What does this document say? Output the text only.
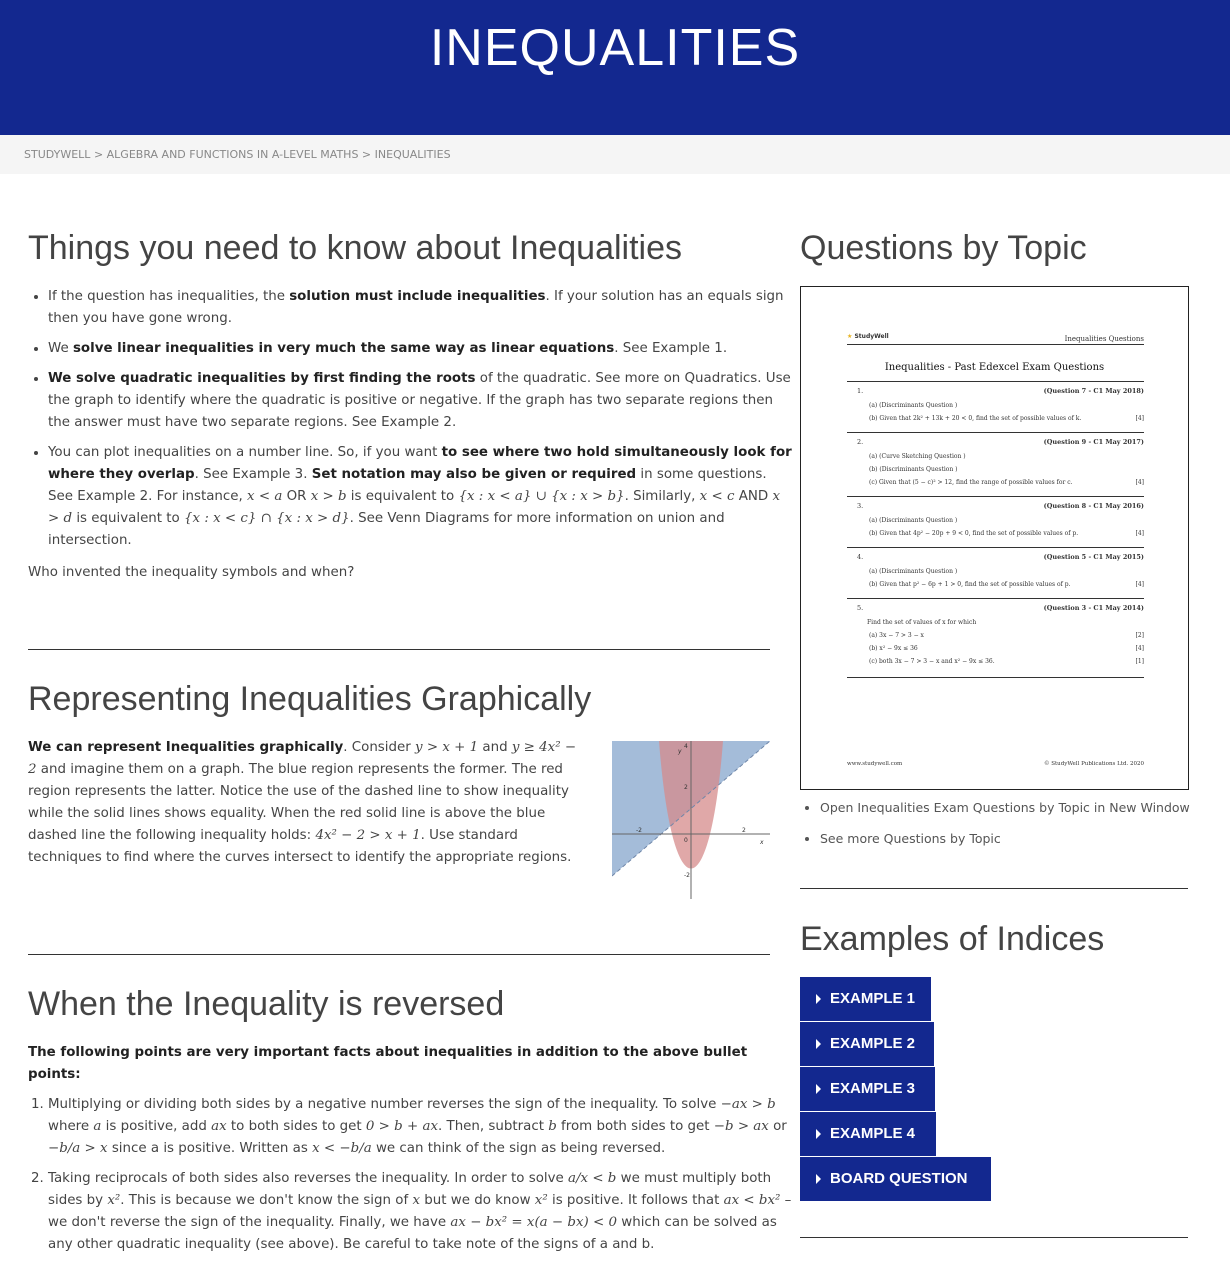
INEQUALITIES
STUDYWELL > ALGEBRA AND FUNCTIONS IN A-LEVEL MATHS > INEQUALITIES
Things you need to know about Inequalities
• If the question has inequalities, the solution must include inequalities. If your solution has an equals sign then you have gone wrong.
• We solve linear inequalities in very much the same way as linear equations. See Example 1.
• We solve quadratic inequalities by first finding the roots of the quadratic. See more on Quadratics. Use the graph to identify where the quadratic is positive or negative. If the graph has two separate regions then the answer must have two separate regions. See Example 2.
• You can plot inequalities on a number line. So, if you want to see where two hold simultaneously look for where they overlap. See Example 3. Set notation may also be given or required in some questions. See Example 2. For instance, x < a OR x > b is equivalent to {x : x < a} ∪ {x : x > b}. Similarly, x < c AND x > d is equivalent to {x : x < c} ∩ {x : x > d}. See Venn Diagrams for more information on union and intersection.
Who invented the inequality symbols and when?
Representing Inequalities Graphically
We can represent Inequalities graphically. Consider y > x + 1 and y ≥ 4x² − 2 and imagine them on a graph. The blue region represents the former. The red region represents the latter. Notice the use of the dashed line to show inequality while the solid lines shows equality. When the red solid line is above the blue dashed line the following inequality holds: 4x² − 2 > x + 1. Use standard techniques to find where the curves intersect to identify the appropriate regions.
-2	2
x
4
2
-2
y
0
When the Inequality is reversed
The following points are very important facts about inequalities in addition to the above bullet points:
1. Multiplying or dividing both sides by a negative number reverses the sign of the inequality. To solve −ax > b where a is positive, add ax to both sides to get 0 > b + ax. Then, subtract b from both sides to get −b > ax or −b/a > x since a is positive. Written as x < −b/a we can think of the sign as being reversed.
2. Taking reciprocals of both sides also reverses the inequality. In order to solve a/x < b we must multiply both sides by x². This is because we don't know the sign of x but we do know x² is positive. It follows that ax < bx² – we don't reverse the sign of the inequality. Finally, we have ax − bx² = x(a − bx) < 0 which can be solved as any other quadratic inequality (see above). Be careful to take note of the signs of a and b.
Questions by Topic
★ StudyWell	Inequalities Questions
Inequalities - Past Edexcel Exam Questions
1.	(Question 7 - C1 May 2018)
(a) (Discriminants Question )
(b) Given that 2k² + 13k + 20 < 0, find the set of possible values of k.	[4]
2.	(Question 9 - C1 May 2017)
(a) (Curve Sketching Question )
(b) (Discriminants Question )
(c) Given that (5 − c)² > 12, find the range of possible values for c.	[4]
3.	(Question 8 - C1 May 2016)
(a) (Discriminants Question )
(b) Given that 4p² − 20p + 9 < 0, find the set of possible values of p.	[4]
4.	(Question 5 - C1 May 2015)
(a) (Discriminants Question )
(b) Given that p² − 6p + 1 > 0, find the set of possible values of p.	[4]
5.	(Question 3 - C1 May 2014)
Find the set of values of x for which
(a) 3x − 7 > 3 − x	[2]
(b) x² − 9x ≤ 36	[4]
(c) both 3x − 7 > 3 − x and x² − 9x ≤ 36.	[1]
www.studywell.com	© StudyWell Publications Ltd. 2020
• Open Inequalities Exam Questions by Topic in New Window
• See more Questions by Topic
Examples of Indices
EXAMPLE 1
EXAMPLE 2
EXAMPLE 3
EXAMPLE 4
BOARD QUESTION
